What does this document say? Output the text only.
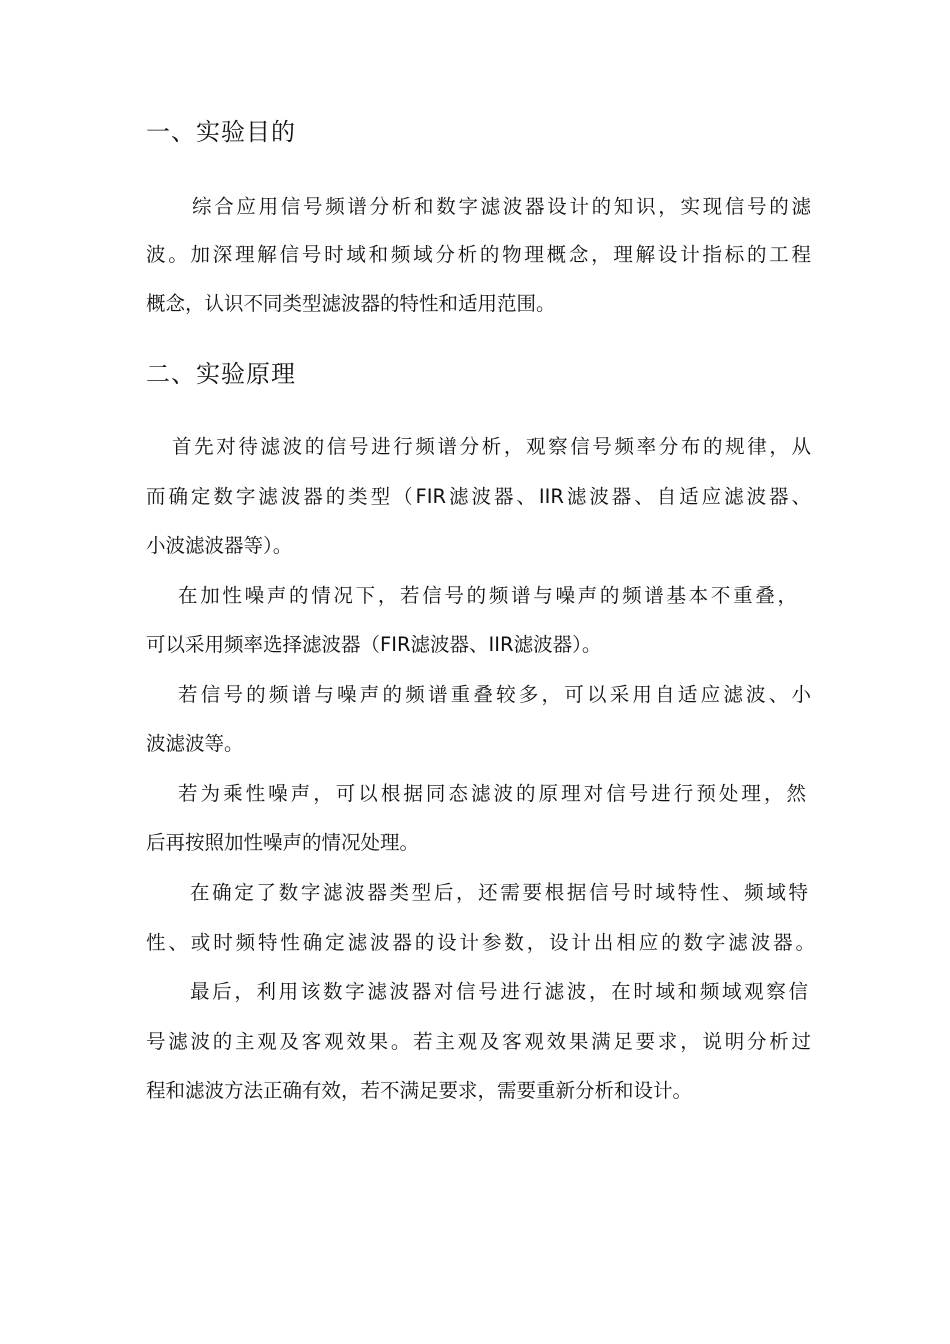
一、实验目的

综合应用信号频谱分析和数字滤波器设计的知识，实现信号的滤

波。加深理解信号时域和频域分析的物理概念，理解设计指标的工程

概念，认识不同类型滤波器的特性和适用范围。

二、实验原理

首先对待滤波的信号进行频谱分析，观察信号频率分布的规律，从

而确定数字滤波器的类型（FIR滤波器、IIR滤波器、自适应滤波器、

小波滤波器等）。

在加性噪声的情况下，若信号的频谱与噪声的频谱基本不重叠，

可以采用频率选择滤波器（FIR滤波器、IIR滤波器）。

若信号的频谱与噪声的频谱重叠较多，可以采用自适应滤波、小

波滤波等。

若为乘性噪声，可以根据同态滤波的原理对信号进行预处理，然

后再按照加性噪声的情况处理。

在确定了数字滤波器类型后，还需要根据信号时域特性、频域特

性、或时频特性确定滤波器的设计参数，设计出相应的数字滤波器。

最后，利用该数字滤波器对信号进行滤波，在时域和频域观察信

号滤波的主观及客观效果。若主观及客观效果满足要求，说明分析过

程和滤波方法正确有效，若不满足要求，需要重新分析和设计。
